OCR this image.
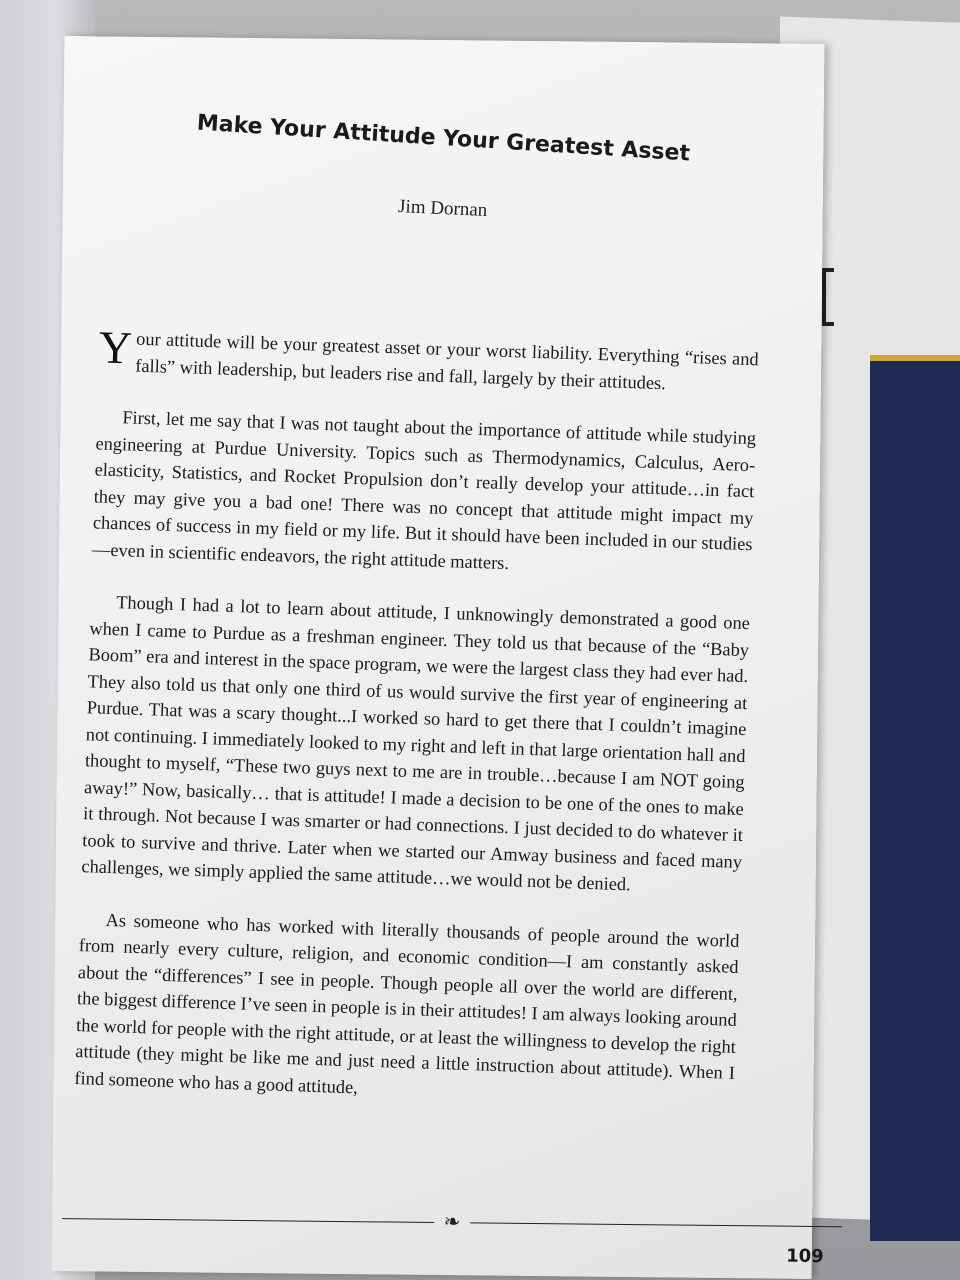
Make Your Attitude Your Greatest Asset
Jim Dornan

Your attitude will be your greatest asset or your worst liability. Everything “rises and falls” with leadership, but leaders rise and fall, largely by their attitudes.

First, let me say that I was not taught about the importance of attitude while studying engineering at Purdue University. Topics such as Thermodynamics, Calculus, Aero-elasticity, Statistics, and Rocket Propulsion don’t really develop your attitude…in fact they may give you a bad one! There was no concept that attitude might impact my chances of success in my field or my life. But it should have been included in our studies—even in scientific endeavors, the right attitude matters.

Though I had a lot to learn about attitude, I unknowingly demonstrated a good one when I came to Purdue as a freshman engineer. They told us that because of the “Baby Boom” era and interest in the space program, we were the largest class they had ever had. They also told us that only one third of us would survive the first year of engineering at Purdue. That was a scary thought...I worked so hard to get there that I couldn’t imagine not continuing. I immediately looked to my right and left in that large orientation hall and thought to myself, “These two guys next to me are in trouble…because I am NOT going away!” Now, basically… that is attitude! I made a decision to be one of the ones to make it through. Not because I was smarter or had connections. I just decided to do whatever it took to survive and thrive. Later when we started our Amway business and faced many challenges, we simply applied the same attitude…we would not be denied.

As someone who has worked with literally thousands of people around the world from nearly every culture, religion, and economic condition—I am constantly asked about the “differences” I see in people. Though people all over the world are different, the biggest difference I’ve seen in people is in their attitudes! I am always looking around the world for people with the right attitude, or at least the willingness to develop the right attitude (they might be like me and just need a little instruction about attitude). When I find someone who has a good attitude,

❧
109
